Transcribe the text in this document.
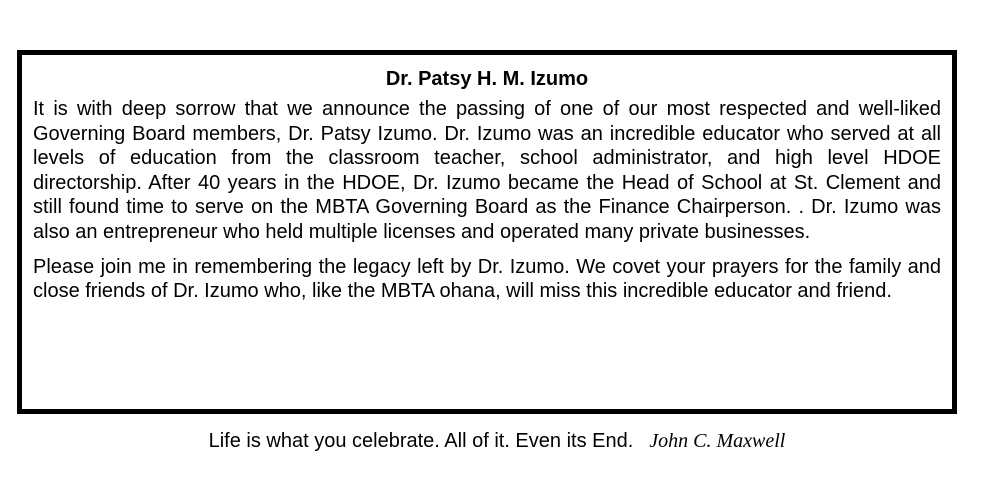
Dr. Patsy H. M. Izumo

It is with deep sorrow that we announce the passing of one of our most respected and well-liked Governing Board members, Dr. Patsy Izumo. Dr. Izumo was an incredible educator who served at all levels of education from the classroom teacher, school administrator, and high level HDOE directorship. After 40 years in the HDOE, Dr. Izumo became the Head of School at St. Clement and still found time to serve on the MBTA Governing Board as the Finance Chairperson. . Dr. Izumo was also an entrepreneur who held multiple licenses and operated many private businesses.

Please join me in remembering the legacy left by Dr. Izumo. We covet your prayers for the family and close friends of Dr. Izumo who, like the MBTA ohana, will miss this incredible educator and friend.

Life is what you celebrate. All of it. Even its End. John C. Maxwell
